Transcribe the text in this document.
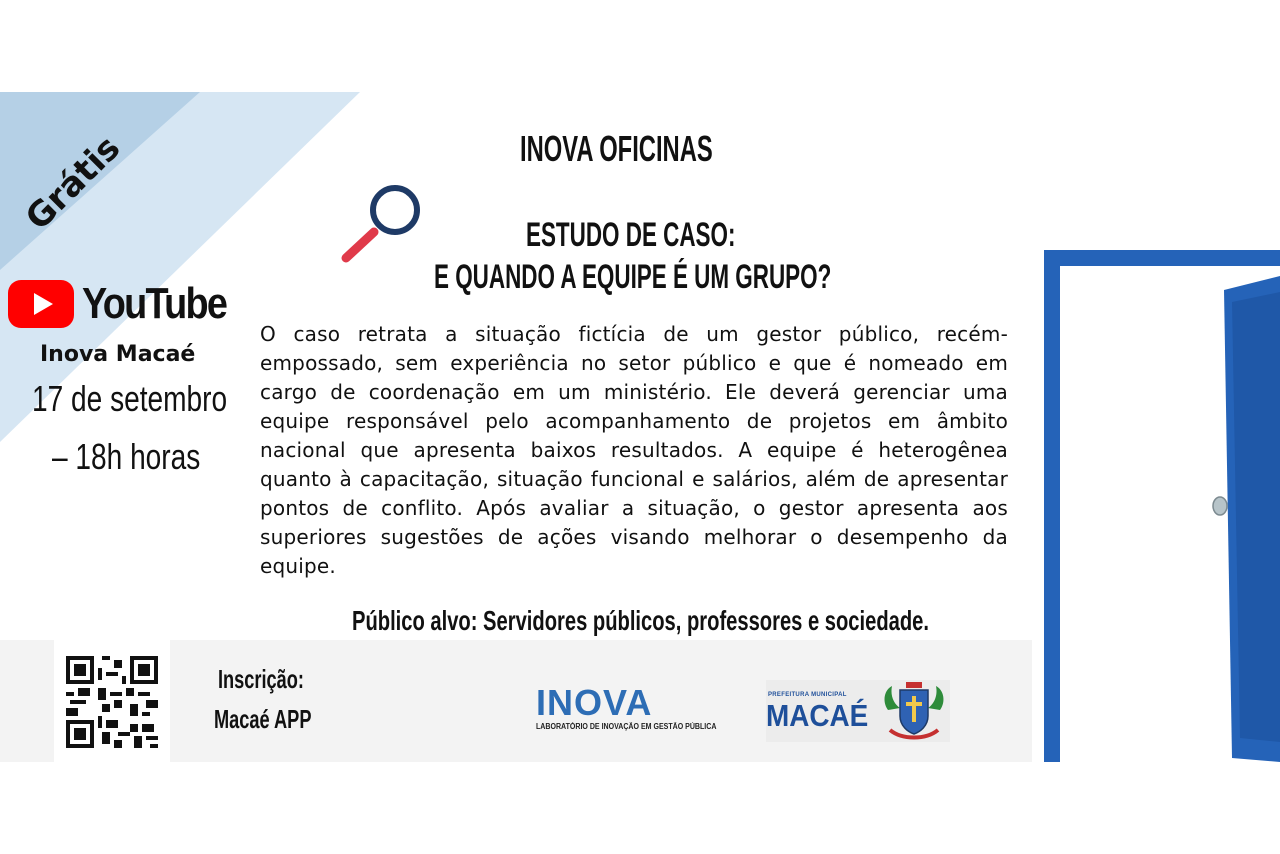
Grátis
YouTube
Inova Macaé
17 de setembro
– 18h horas
INOVA OFICINAS
ESTUDO DE CASO:
E QUANDO A EQUIPE É UM GRUPO?
O caso retrata a situação fictícia de um gestor público, recém-empossado, sem experiência no setor público e que é nomeado em cargo de coordenação em um ministério. Ele deverá gerenciar uma equipe responsável pelo acompanhamento de projetos em âmbito nacional que apresenta baixos resultados. A equipe é heterogênea quanto à capacitação, situação funcional e salários, além de apresentar pontos de conflito. Após avaliar a situação, o gestor apresenta aos superiores sugestões de ações visando melhorar o desempenho da equipe.
Público alvo: Servidores públicos, professores e sociedade.
Inscrição:
Macaé APP	INOVA
LABORATÓRIO DE INOVAÇÃO EM GESTÃO PÚBLICA
PREFEITURA MUNICIPAL
MACAÉ
